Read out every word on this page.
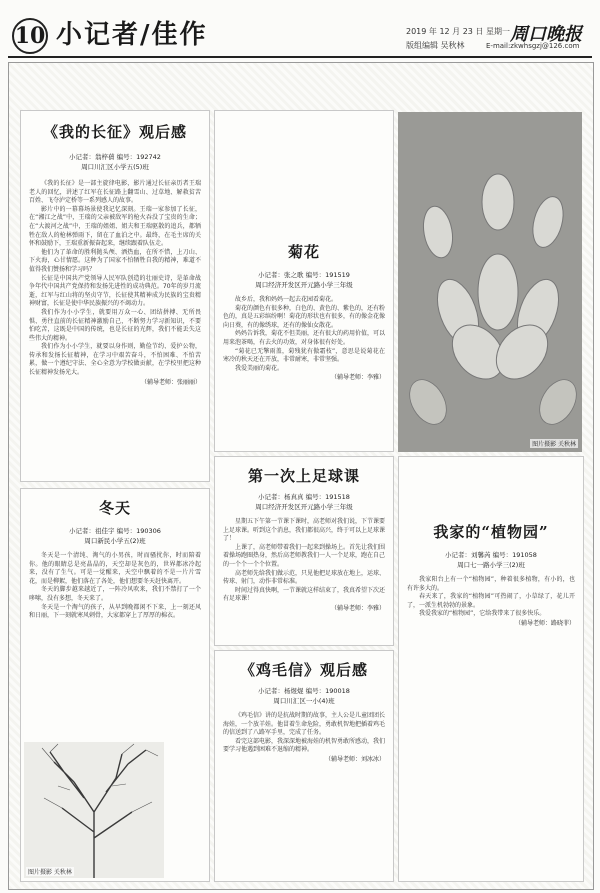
10 小记者/佳作	2019 年 12 月 23 日 星期一
版组编辑 吴秋林
周口晚报
E-mail:zkwhsgzj@126.com
《我的长征》观后感
小记者：翁梓蒨 编号：192742
周口川汇区小学五(5)班

《我的长征》是一部主旋律电影，影片通过长征亲历者王瑞老人的回忆，讲述了红军在长征路上翻雪山、过草地、解救贫苦百姓、飞夺泸定桥等一系列感人的故事。

影片中的一幕幕场景使我记忆深刻。王瑞一家参加了长征，在“湘江之战”中，王瑞的父亲被敌军的枪火吞没了宝贵的生命；在“大渡河之战”中，王瑞的姐姐、姐夫和王瑞驱散的追兵，都牺牲在敌人的枪林弹雨下，留在了血泊之中。最终，在毛主席的关怀和鼓励下，王瑞重新振奋起来，继续跟着队伍走。

他们为了革命的胜利抛头颅、洒热血，在所不惜，上刀山、下火海，心甘情愿。这种为了国家不怕牺牲自我的精神，难道不值得我们赞扬和学习吗？

长征是中国共产党领导人民军队创造的壮丽史诗，是革命战争年代中国共产党保持和发扬先进性的成功典范。70年的岁月流逝，红军与红山将的坚贞守节，长征使其精神成为民族的宝贵精神财富，长征是使中华民族振兴的不竭动力。

我们作为小小学生，就要用万众一心、团结拼搏、无所畏惧、勇往直前的长征精神激励自己，不断努力学习新知识，不要怕吃苦，这既是中国的传统，也是长征的光辉，我们不能丢失这些伟大的精神。

我们作为小小学生，就要以身作则，勤俭节约、爱护公物，传承和发扬长征精神，在学习中艰苦奋斗，不怕困难、不怕苦累，做一个遵纪守法、全心全意为学校做贡献，在学校里把这种长征精神发扬光大。

（辅导老师：张丽丽）
冬天
小记者：祖佳宇 编号：190306
周口新民小学五(2)班

冬天是一个清纯、淘气的小男孩，时而骚扰你，时而陪着你。他的眼睛总是亮晶晶的，天空却是灰色的，世界都冰冷起来，没有了生气。可是一觉醒来，天空中飘着的不是一片片雪花，而是柳絮，他们落在了各处，他们想要冬天赶快离开。

冬天的脚步越来越近了，一阵冷风吹来，我们不禁打了一个哆嗦，没有多想，冬天来了。

冬天是一个淘气的孩子，从早到晚都闲不下来，上一刻还风和日丽，下一刻就寒风刺骨，大家都穿上了厚厚的棉衣。

图片摄影 关秋林
菊花
小记者：张之歌 编号：191519
周口经济开发区开元路小学三年级

故乡后，我和妈妈一起去花园看菊花。

菊花的颜色有很多种，白色的、黄色的、紫色的，还有粉色的，真是五彩缤纷啊！菊花的形状也有很多，有的像金花像向日葵，有的像绣球，还有的像仙女散花。

妈妈告诉我，菊花不但美丽，还有很大的药用价值，可以用来泡茶喝，有去火的功效，对身体很有好处。

“菊花已无擎雨盖，菊残犹有傲霜枝”，意思是说菊花在寒冷的秋天还在开放，非常耐寒，非常坚强。

我爱美丽的菊花。

（辅导老师：李雅）
图片摄影 关秋林
第一次上足球课
小记者：杨真真 编号：191518
周口经济开发区开元路小学三年级

星期五下午第一节课下课时，高老师对我们说，下节课要上足球课。听到这个消息，我们都很高兴，终于可以上足球课了！

上课了，高老师带着我们一起来到操场上。首先让我们围着操场跑圈热身，然后高老师教我们一人一个足球，跑在自己的一个个一个个位置。

高老师先给我们做示范，只见他把足球放在地上，运球、传球、射门，动作非常标准。

时间过得真快啊，一节课就这样结束了，我真希望下次还有足球课！

（辅导老师：李雅）
《鸡毛信》观后感
小记者：杨煜焜 编号：190018
周口川汇区一小(4)班

《鸡毛信》讲的是抗战时期的故事，主人公是儿童团团长海娃，一个放羊娃。他冒着生命危险，勇敢机智地把插着鸡毛的信送到了八路军手里，完成了任务。

看完这部电影，我深深地被海娃的机智勇敢所感动，我们要学习他遇到困难不退缩的精神。

（辅导老师：刘冰冰）
我家的“植物园”
小记者：刘馨芮 编号：191058
周口七一路小学三(2)班

我家阳台上有一个“植物园”，种着很多植物，有小的，也有许多大的。

春天来了，我家的“植物园”可热闹了，小草绿了，花儿开了，一派生机勃勃的景象。

我爱我家的“植物园”，它给我带来了很多快乐。

（辅导老师：路晓菲）
